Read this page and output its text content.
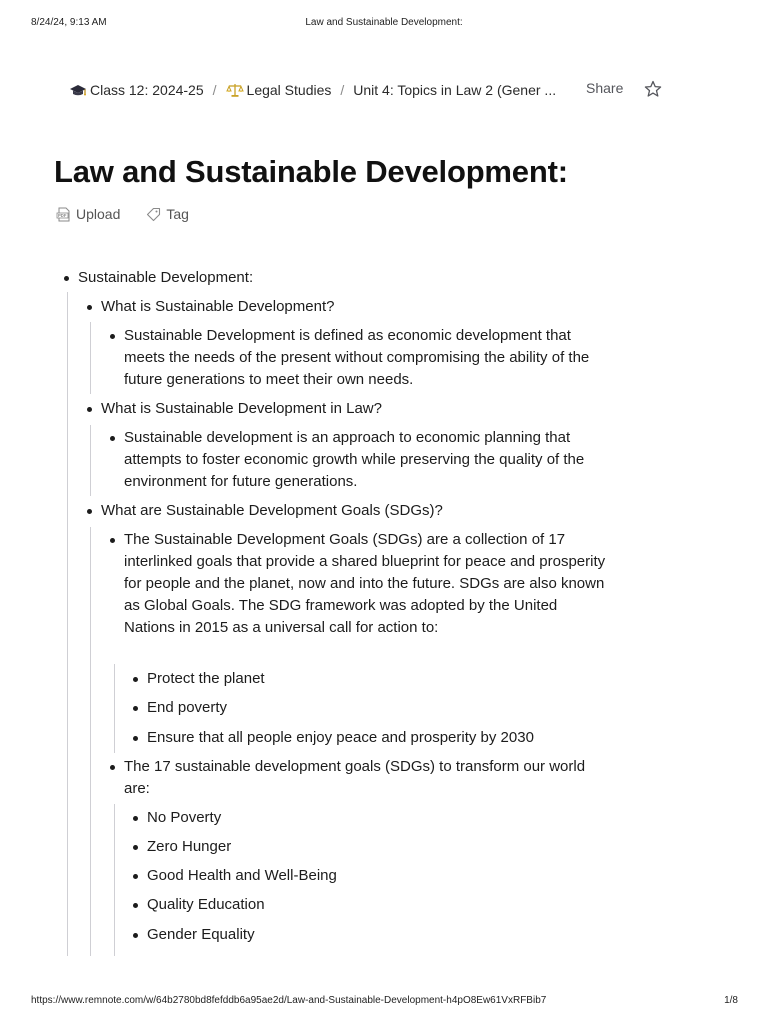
8/24/24, 9:13 AM	Law and Sustainable Development:
Class 12: 2024-25 / Legal Studies / Unit 4: Topics in Law 2 (Gener ... Share
Law and Sustainable Development:
PDF Upload	Tag
Sustainable Development:
What is Sustainable Development?
Sustainable Development is defined as economic development that meets the needs of the present without compromising the ability of the future generations to meet their own needs.
What is Sustainable Development in Law?
Sustainable development is an approach to economic planning that attempts to foster economic growth while preserving the quality of the environment for future generations.
What are Sustainable Development Goals (SDGs)?
The Sustainable Development Goals (SDGs) are a collection of 17 interlinked goals that provide a shared blueprint for peace and prosperity for people and the planet, now and into the future. SDGs are also known as Global Goals. The SDG framework was adopted by the United Nations in 2015 as a universal call for action to:
Protect the planet
End poverty
Ensure that all people enjoy peace and prosperity by 2030
The 17 sustainable development goals (SDGs) to transform our world are:
No Poverty
Zero Hunger
Good Health and Well-Being
Quality Education
Gender Equality
https://www.remnote.com/w/64b2780bd8fefddb6a95ae2d/Law-and-Sustainable-Development-h4pO8Ew61VxRFBib7	1/8
